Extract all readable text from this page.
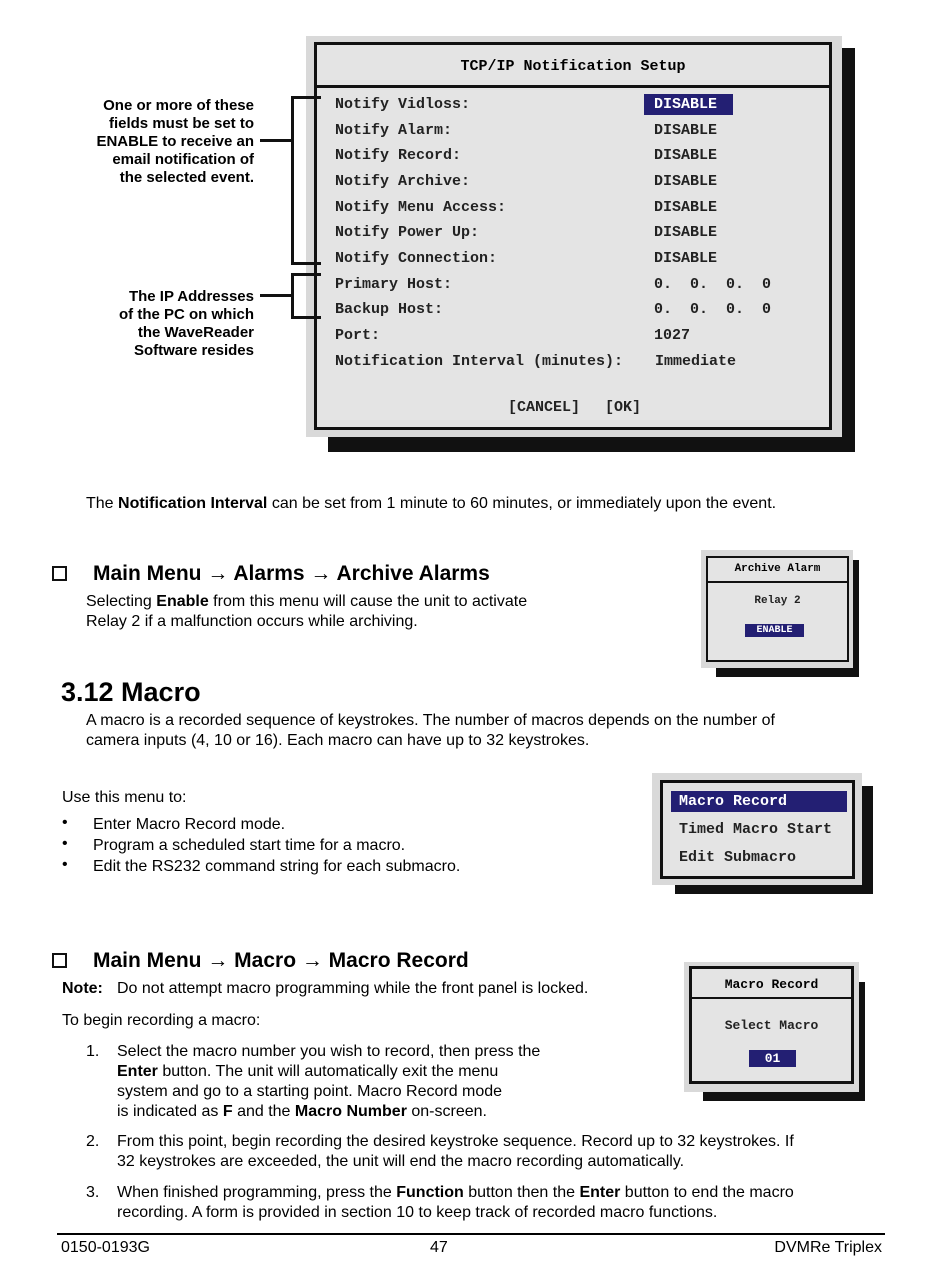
TCP/IP Notification Setup
Notify Vidloss:	DISABLE
Notify Alarm:	DISABLE
Notify Record:	DISABLE
Notify Archive:	DISABLE
Notify Menu Access:	DISABLE
Notify Power Up:	DISABLE
Notify Connection:	DISABLE
Primary Host:	0.  0.  0.  0
Backup Host:	0.  0.  0.  0
Port:	1027
Notification Interval (minutes): Immediate
[CANCEL] [OK]
One or more of these
fields must be set to
ENABLE to receive an
email notification of
the selected event.
The IP Addresses
of the PC on which
the WaveReader
Software resides
The Notification Interval can be set from 1 minute to 60 minutes, or immediately upon the event.
Main Menu → Alarms → Archive Alarms
Selecting Enable from this menu will cause the unit to activate
Relay 2 if a malfunction occurs while archiving.
Archive Alarm
Relay 2
ENABLE
3.12 Macro
A macro is a recorded sequence of keystrokes. The number of macros depends on the number of
camera inputs (4, 10 or 16). Each macro can have up to 32 keystrokes.
Use this menu to:
• Enter Macro Record mode.
• Program a scheduled start time for a macro.
• Edit the RS232 command string for each submacro.
Macro Record
Timed Macro Start
Edit Submacro
Main Menu → Macro → Macro Record
Note: Do not attempt macro programming while the front panel is locked.
To begin recording a macro:
1. Select the macro number you wish to record, then press the
Enter button. The unit will automatically exit the menu
system and go to a starting point. Macro Record mode
is indicated as F and the Macro Number on-screen.
2. From this point, begin recording the desired keystroke sequence. Record up to 32 keystrokes. If
32 keystrokes are exceeded, the unit will end the macro recording automatically.
3. When finished programming, press the Function button then the Enter button to end the macro
recording. A form is provided in section 10 to keep track of recorded macro functions.
Macro Record
Select Macro
01
0150-0193G	47	DVMRe Triplex
